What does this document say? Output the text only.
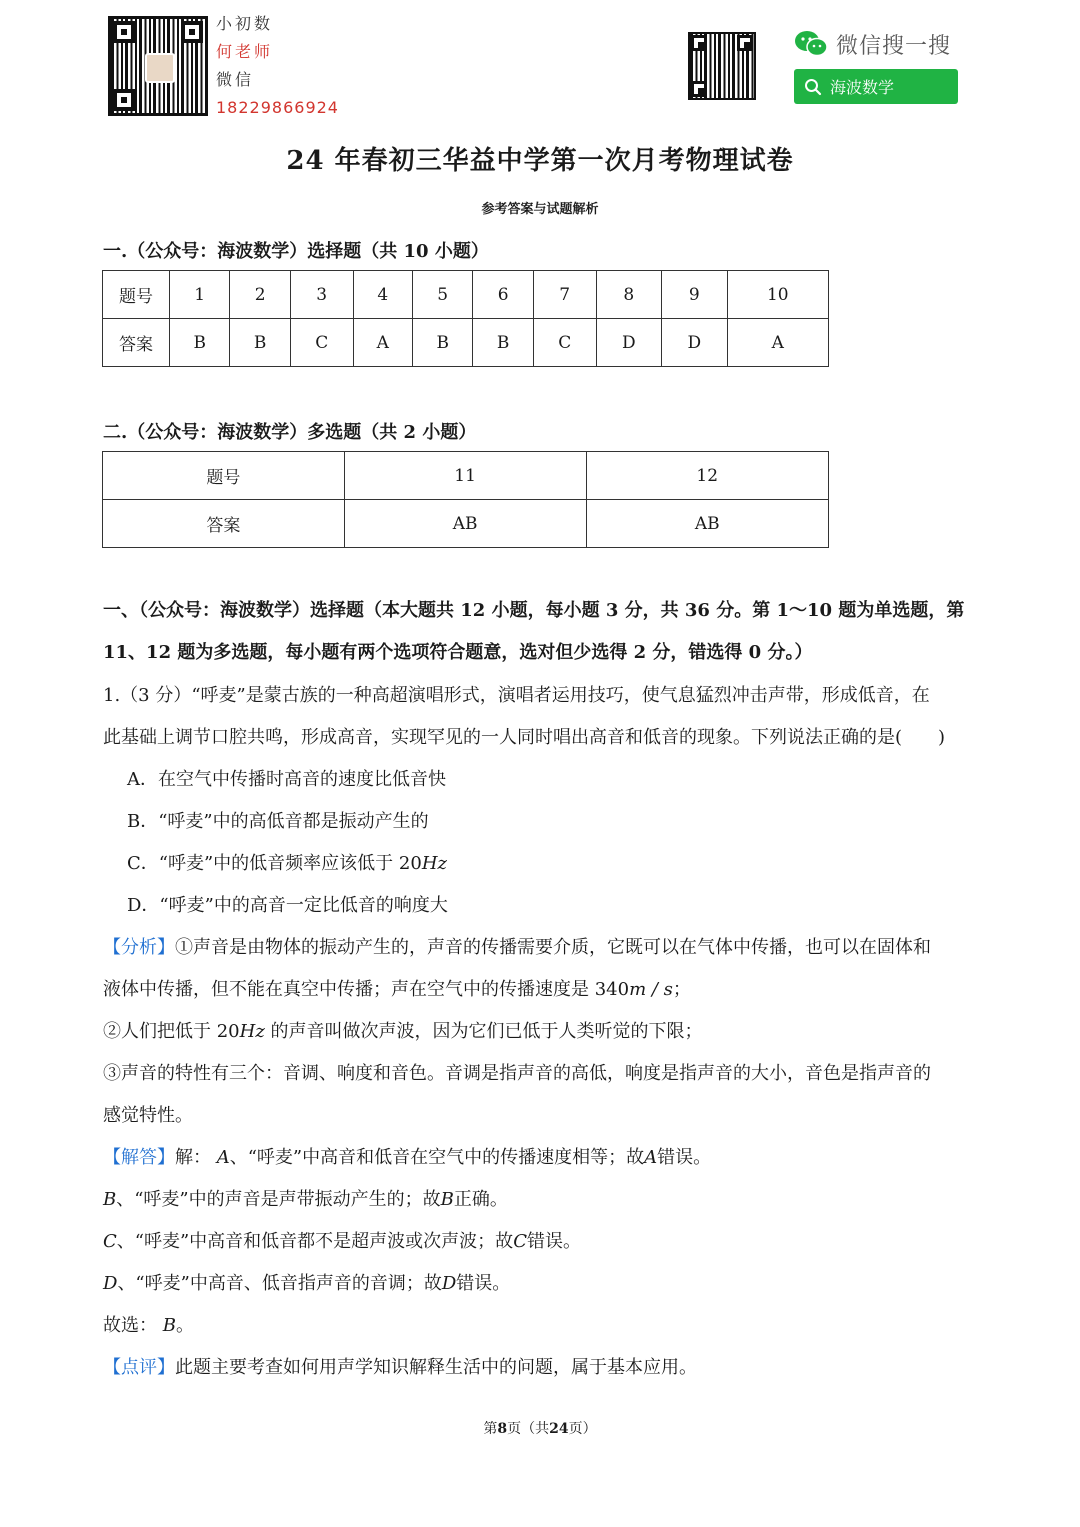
小初数
何老师
微信
18229866924
微信搜一搜
海波数学
24 年春初三华益中学第一次月考物理试卷
参考答案与试题解析
一.（公众号：海波数学）选择题（共 10 小题）
题号	1	2	3	4	5	6	7	8	9	10
答案	B	B	C	A	B	B	C	D	D	A
二.（公众号：海波数学）多选题（共 2 小题）
题号	11	12
答案	AB	AB
一、（公众号：海波数学）选择题（本大题共 12 小题，每小题 3 分，共 36 分。第 1～10 题为单选题，第
11、12 题为多选题，每小题有两个选项符合题意，选对但少选得 2 分，错选得 0 分。）
1.（3 分）“呼麦”是蒙古族的一种高超演唱形式，演唱者运用技巧，使气息猛烈冲击声带，形成低音，在
此基础上调节口腔共鸣，形成高音，实现罕见的一人同时唱出高音和低音的现象。下列说法正确的是(　　)
A．在空气中传播时高音的速度比低音快
B．“呼麦”中的高低音都是振动产生的
C．“呼麦”中的低音频率应该低于 20Hz
D．“呼麦”中的高音一定比低音的响度大
【分析】①声音是由物体的振动产生的，声音的传播需要介质，它既可以在气体中传播，也可以在固体和
液体中传播，但不能在真空中传播；声在空气中的传播速度是 340m / s；
②人们把低于 20Hz 的声音叫做次声波，因为它们已低于人类听觉的下限；
③声音的特性有三个：音调、响度和音色。音调是指声音的高低，响度是指声音的大小，音色是指声音的
感觉特性。
【解答】解： A、“呼麦”中高音和低音在空气中的传播速度相等；故A错误。
B、“呼麦”中的声音是声带振动产生的；故B正确。
C、“呼麦”中高音和低音都不是超声波或次声波；故C错误。
D、“呼麦”中高音、低音指声音的音调；故D错误。
故选： B。
【点评】此题主要考查如何用声学知识解释生活中的问题，属于基本应用。
第8页（共24页）
